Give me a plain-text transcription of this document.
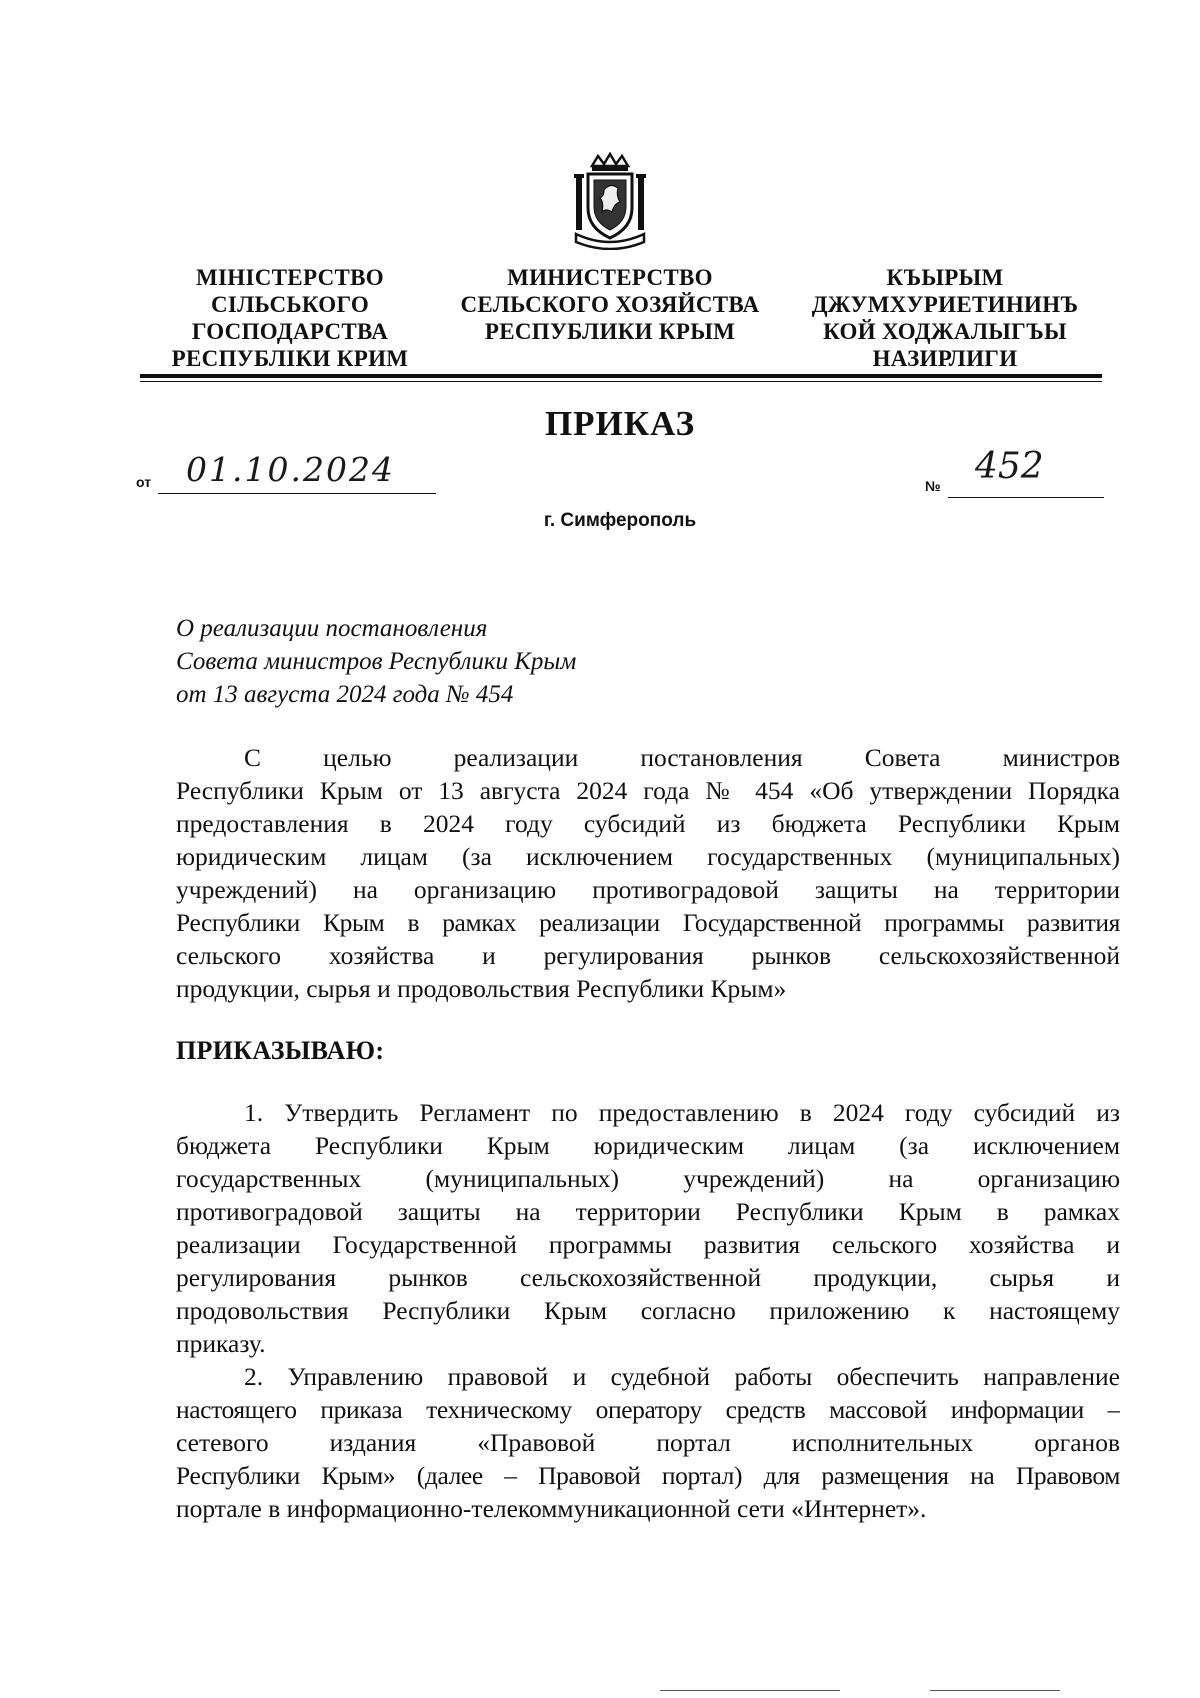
МІНІСТЕРСТВО
СІЛЬСЬКОГО
ГОСПОДАРСТВА
РЕСПУБЛІКИ КРИМ
МИНИСТЕРСТВО
СЕЛЬСКОГО ХОЗЯЙСТВА
РЕСПУБЛИКИ КРЫМ
КЪЫРЫМ
ДЖУМХУРИЕТИНИНЪ
КОЙ ХОДЖАЛЫГЪЫ
НАЗИРЛИГИ
ПРИКАЗ
от 01.10.2024	№ 452
г. Симферополь
О реализации постановления
Совета министров Республики Крым
от 13 августа 2024 года № 454
С целью реализации постановления Совета министров
Республики Крым от 13 августа 2024 года № 454 «Об утверждении Порядка
предоставления в 2024 году субсидий из бюджета Республики Крым
юридическим лицам (за исключением государственных (муниципальных)
учреждений) на организацию противоградовой защиты на территории
Республики Крым в рамках реализации Государственной программы развития
сельского хозяйства и регулирования рынков сельскохозяйственной
продукции, сырья и продовольствия Республики Крым»
ПРИКАЗЫВАЮ:
1. Утвердить Регламент по предоставлению в 2024 году субсидий из
бюджета Республики Крым юридическим лицам (за исключением
государственных (муниципальных) учреждений) на организацию
противоградовой защиты на территории Республики Крым в рамках
реализации Государственной программы развития сельского хозяйства и
регулирования рынков сельскохозяйственной продукции, сырья и
продовольствия Республики Крым согласно приложению к настоящему
приказу.
2. Управлению правовой и судебной работы обеспечить направление
настоящего приказа техническому оператору средств массовой информации –
сетевого издания «Правовой портал исполнительных органов
Республики Крым» (далее – Правовой портал) для размещения на Правовом
портале в информационно-телекоммуникационной сети «Интернет».
